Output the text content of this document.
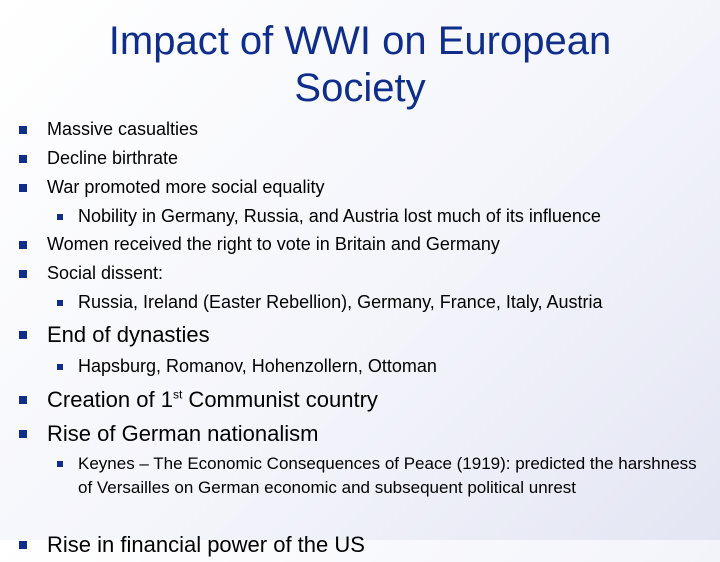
Impact of WWI on European Society
Massive casualties
Decline birthrate
War promoted more social equality
Nobility in Germany, Russia, and Austria lost much of its influence
Women received the right to vote in Britain and Germany
Social dissent:
Russia, Ireland (Easter Rebellion), Germany, France, Italy, Austria
End of dynasties
Hapsburg, Romanov, Hohenzollern, Ottoman
Creation of 1st Communist country
Rise of German nationalism
Keynes – The Economic Consequences of Peace (1919): predicted the harshness of Versailles on German economic and subsequent political unrest
Rise in financial power of the US
